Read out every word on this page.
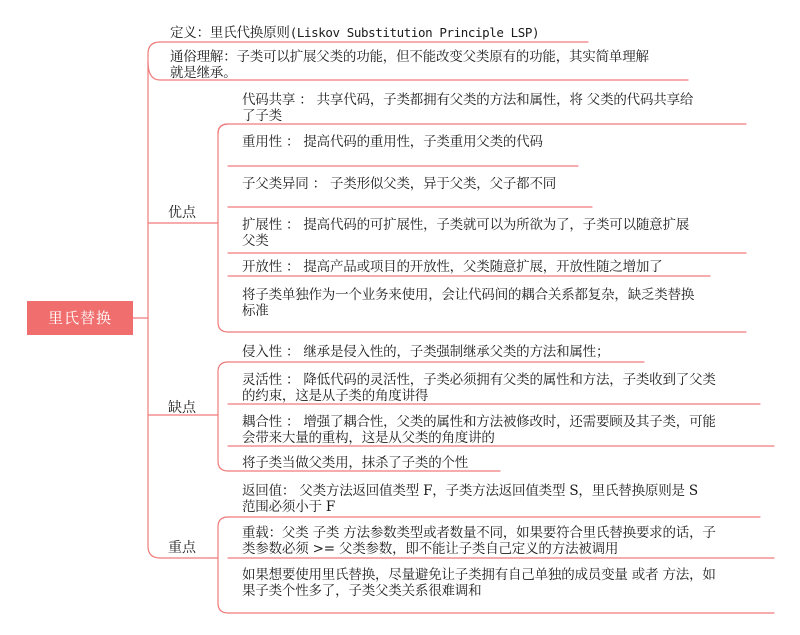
里氏替换
定义：里氏代换原则(Liskov Substitution Principle LSP)
通俗理解：子类可以扩展父类的功能，但不能改变父类原有的功能，其实简单理解
就是继承。
优点
代码共享 ： 共享代码，子类都拥有父类的方法和属性，将 父类的代码共享给
了子类
重用性 ： 提高代码的重用性，子类重用父类的代码
子父类异同 ： 子类形似父类，异于父类，父子都不同
扩展性 ： 提高代码的可扩展性，子类就可以为所欲为了，子类可以随意扩展
父类
开放性 ： 提高产品或项目的开放性，父类随意扩展，开放性随之增加了
将子类单独作为一个业务来使用，会让代码间的耦合关系都复杂，缺乏类替换
标准
缺点
侵入性 ： 继承是侵入性的，子类强制继承父类的方法和属性；
灵活性 ： 降低代码的灵活性，子类必须拥有父类的属性和方法，子类收到了父类
的约束，这是从子类的角度讲得
耦合性 ： 增强了耦合性，父类的属性和方法被修改时，还需要顾及其子类，可能
会带来大量的重构，这是从父类的角度讲的
将子类当做父类用，抹杀了子类的个性
重点
返回值： 父类方法返回值类型 F，子类方法返回值类型 S，里氏替换原则是 S
范围必须小于 F
重载：父类 子类 方法参数类型或者数量不同，如果要符合里氏替换要求的话，子
类参数必须 >= 父类参数，即不能让子类自己定义的方法被调用
如果想要使用里氏替换，尽量避免让子类拥有自己单独的成员变量 或者 方法，如
果子类个性多了，子类父类关系很难调和
